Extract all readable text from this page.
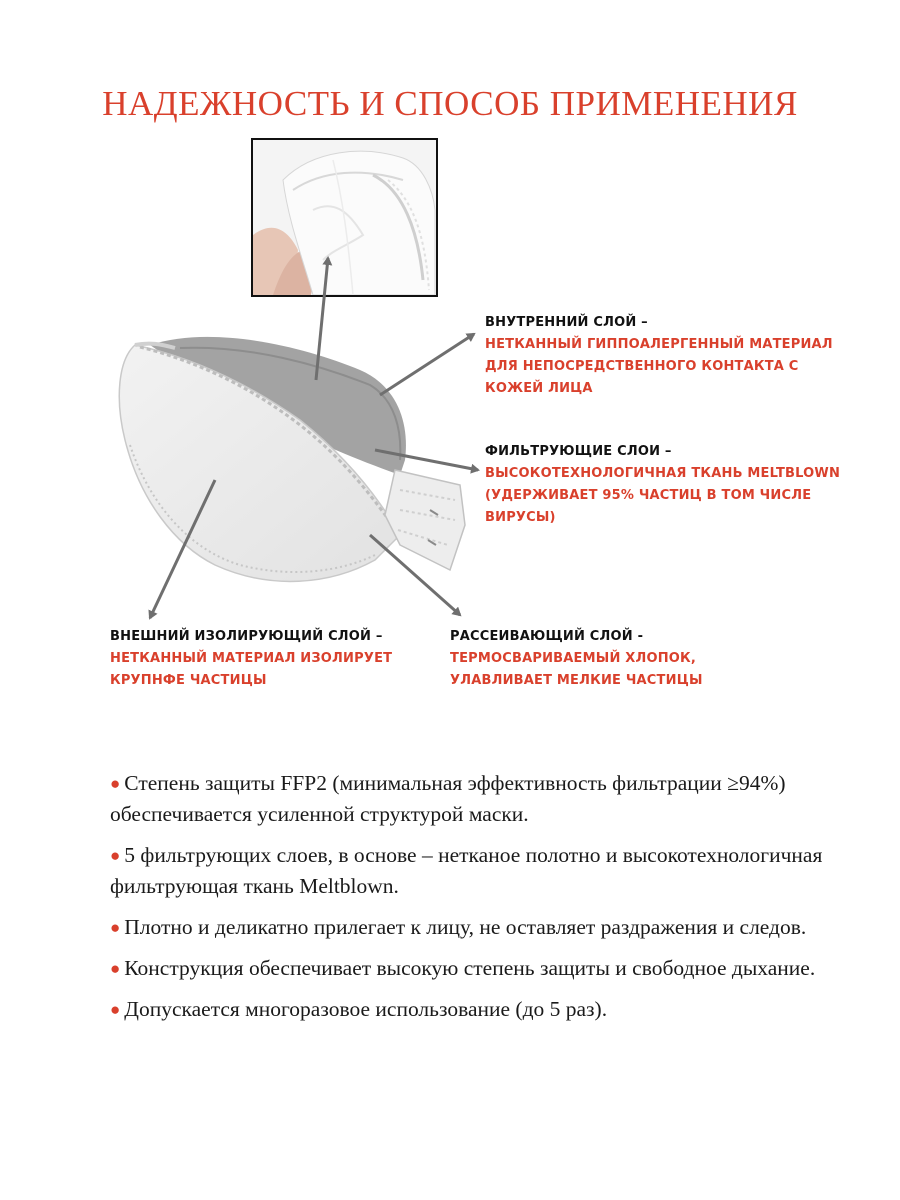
НАДЕЖНОСТЬ И СПОСОБ ПРИМЕНЕНИЯ
ВНУТРЕННИЙ СЛОЙ –
НЕТКАННЫЙ ГИППОАЛЕРГЕННЫЙ МАТЕРИАЛ
ДЛЯ НЕПОСРЕДСТВЕННОГО КОНТАКТА С
КОЖЕЙ ЛИЦА
ФИЛЬТРУЮЩИЕ СЛОИ –
ВЫСОКОТЕХНОЛОГИЧНАЯ ТКАНЬ MELTBLOWN
(УДЕРЖИВАЕТ 95% ЧАСТИЦ В ТОМ ЧИСЛЕ
ВИРУСЫ)
ВНЕШНИЙ ИЗОЛИРУЮЩИЙ СЛОЙ –
НЕТКАННЫЙ МАТЕРИАЛ ИЗОЛИРУЕТ
КРУПНФЕ ЧАСТИЦЫ
РАССЕИВАЮЩИЙ СЛОЙ -
ТЕРМОСВАРИВАЕМЫЙ ХЛОПОК,
УЛАВЛИВАЕТ МЕЛКИЕ ЧАСТИЦЫ

● Степень защиты FFP2 (минимальная эффективность фильтрации ≥94%) обеспечивается усиленной структурой маски.

● 5 фильтрующих слоев, в основе – нетканое полотно и высокотехнологичная фильтрующая ткань Meltblown.

● Плотно и деликатно прилегает к лицу, не оставляет раздражения и следов.

● Конструкция обеспечивает высокую степень защиты и свободное дыхание.

● Допускается многоразовое использование (до 5 раз).
